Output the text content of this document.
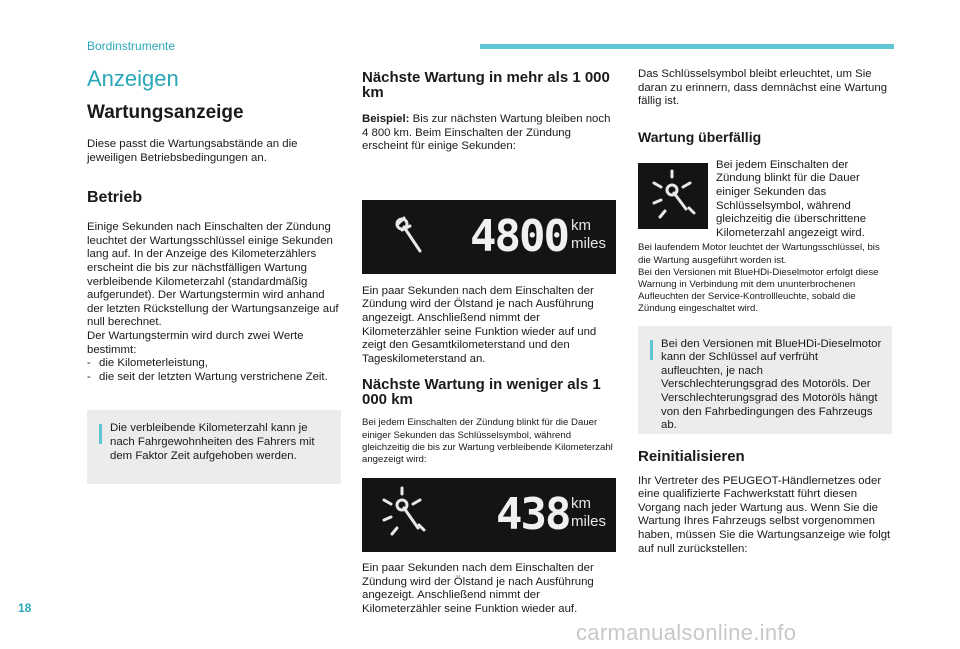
Bordinstrumente
Anzeigen
Wartungsanzeige

Diese passt die Wartungsabstände an die jeweiligen Betriebsbedingungen an.

Betrieb

Einige Sekunden nach Einschalten der Zündung leuchtet der Wartungsschlüssel einige Sekunden lang auf. In der Anzeige des Kilometerzählers erscheint die bis zur nächstfälligen Wartung verbleibende Kilometerzahl (standardmäßig aufgerundet). Der Wartungstermin wird anhand der letzten Rückstellung der Wartungsanzeige auf null berechnet.

Der Wartungstermin wird durch zwei Werte bestimmt:

- die Kilometerleistung,
- die seit der letzten Wartung verstrichene Zeit.

Die verbleibende Kilometerzahl kann je nach Fahrgewohnheiten des Fahrers mit dem Faktor Zeit aufgehoben werden.

Nächste Wartung in mehr als 1 000 km

Beispiel: Bis zur nächsten Wartung bleiben noch 4 800 km. Beim Einschalten der Zündung erscheint für einige Sekunden:

4800 km
miles

Ein paar Sekunden nach dem Einschalten der Zündung wird der Ölstand je nach Ausführung angezeigt. Anschließend nimmt der Kilometerzähler seine Funktion wieder auf und zeigt den Gesamtkilometerstand und den Tageskilometerstand an.

Nächste Wartung in weniger als 1 000 km

Bei jedem Einschalten der Zündung blinkt für die Dauer einiger Sekunden das Schlüsselsymbol, während gleichzeitig die bis zur Wartung verbleibende Kilometerzahl angezeigt wird:

438 km
miles

Ein paar Sekunden nach dem Einschalten der Zündung wird der Ölstand je nach Ausführung angezeigt. Anschließend nimmt der Kilometerzähler seine Funktion wieder auf.

Das Schlüsselsymbol bleibt erleuchtet, um Sie daran zu erinnern, dass demnächst eine Wartung fällig ist.

Wartung überfällig

Bei jedem Einschalten der Zündung blinkt für die Dauer einiger Sekunden das Schlüsselsymbol, während gleichzeitig die überschrittene Kilometerzahl angezeigt wird.

Bei laufendem Motor leuchtet der Wartungsschlüssel, bis die Wartung ausgeführt worden ist.

Bei den Versionen mit BlueHDi-Dieselmotor erfolgt diese Warnung in Verbindung mit dem ununterbrochenen Aufleuchten der Service-Kontrollleuchte, sobald die Zündung eingeschaltet wird.

Bei den Versionen mit BlueHDi-Dieselmotor kann der Schlüssel auf verfrüht aufleuchten, je nach Verschlechterungsgrad des Motoröls. Der Verschlechterungsgrad des Motoröls hängt von den Fahrbedingungen des Fahrzeugs ab.

Reinitialisieren

Ihr Vertreter des PEUGEOT-Händlernetzes oder eine qualifizierte Fachwerkstatt führt diesen Vorgang nach jeder Wartung aus. Wenn Sie die Wartung Ihres Fahrzeugs selbst vorgenommen haben, müssen Sie die Wartungsanzeige wie folgt auf null zurückstellen:

18
carmanualsonline.info
